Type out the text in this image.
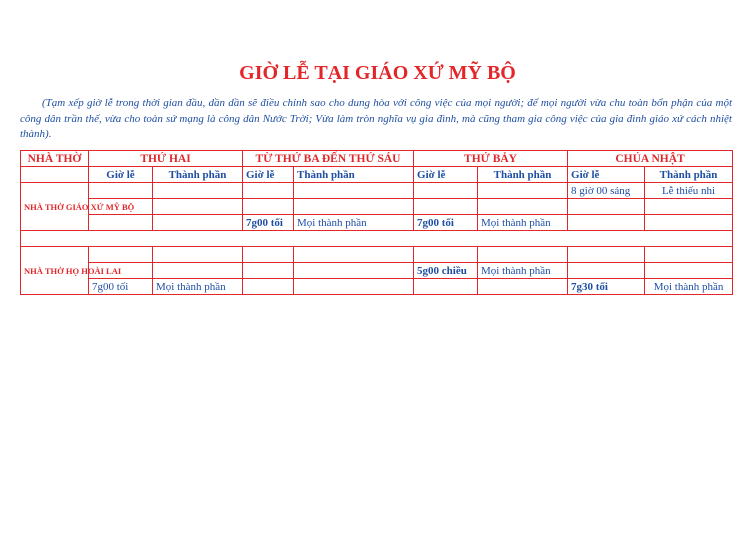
GIỜ LỄ TẠI GIÁO XỨ MỸ BỘ
(Tạm xếp giờ lễ trong thời gian đầu, dần dần sẽ điều chỉnh sao cho dung hòa với công việc của mọi người; để mọi người vừa chu toàn bổn phận của một công dân trần thế, vừa cho toàn sứ mạng là công dân Nước Trời; Vừa làm tròn nghĩa vụ gia đình, mà cũng tham gia công việc của gia đình giáo xứ cách nhiệt thành).
NHÀ THỜ	THỨ HAI		TỪ THỨ BA ĐẾN THỨ SÁU		THỨ BẢY		CHÚA NHẬT	
	Giờ lễ	Thành phần	Giờ lễ	Thành phần	Giờ lễ	Thành phần	Giờ lễ	Thành phần
NHÀ THỜ GIÁO XỨ MỸ BỘ							8 giờ 00 sáng	Lễ thiếu nhi

			7g00 tối	Mọi thành phần	7g00 tối	Mọi thành phần		

NHÀ THỜ HỌ HOÀI LAI								
					5g00 chiều	Mọi thành phần		
	7g00 tối	Mọi thành phần					7g30 tối	Mọi thành phần
